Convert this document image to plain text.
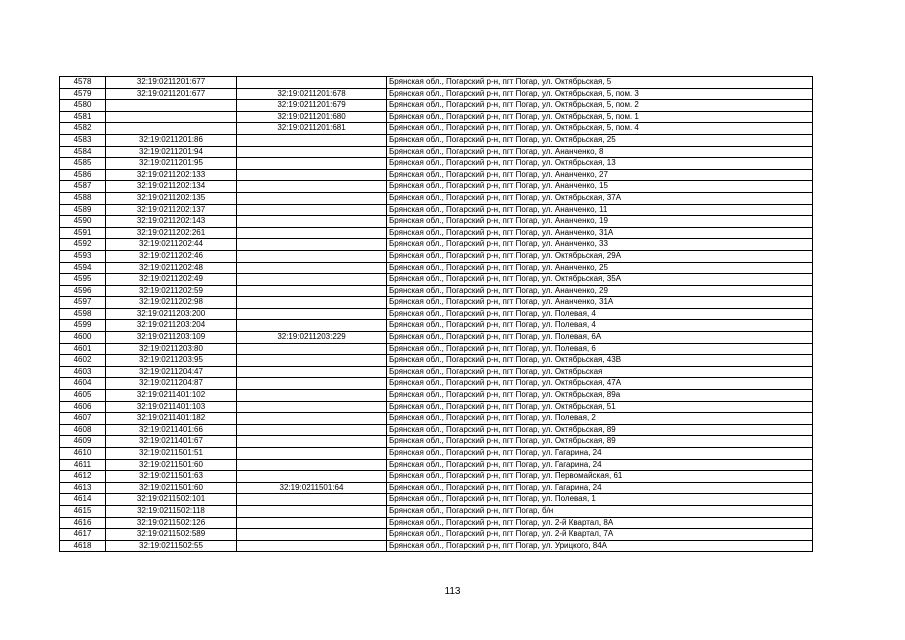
4578	32:19:0211201:677		Брянская обл., Погарский р-н, пгт Погар, ул. Октябрьская, 5
4579	32:19:0211201:677	32:19:0211201:678	Брянская обл., Погарский р-н, пгт Погар, ул. Октябрьская, 5, пом. 3
4580		32:19:0211201:679	Брянская обл., Погарский р-н, пгт Погар, ул. Октябрьская, 5, пом. 2
4581		32:19:0211201:680	Брянская обл., Погарский р-н, пгт Погар, ул. Октябрьская, 5, пом. 1
4582		32:19:0211201:681	Брянская обл., Погарский р-н, пгт Погар, ул. Октябрьская, 5, пом. 4
4583	32:19:0211201:86		Брянская обл., Погарский р-н, пгт Погар, ул. Октябрьская, 25
4584	32:19:0211201:94		Брянская обл., Погарский р-н, пгт Погар, ул. Ананченко, 8
4585	32:19:0211201:95		Брянская обл., Погарский р-н, пгт Погар, ул. Октябрьская, 13
4586	32:19:0211202:133		Брянская обл., Погарский р-н, пгт Погар, ул. Ананченко, 27
4587	32:19:0211202:134		Брянская обл., Погарский р-н, пгт Погар, ул. Ананченко, 15
4588	32:19:0211202:135		Брянская обл., Погарский р-н, пгт Погар, ул. Октябрьская, 37А
4589	32:19:0211202:137		Брянская обл., Погарский р-н, пгт Погар, ул. Ананченко, 11
4590	32:19:0211202:143		Брянская обл., Погарский р-н, пгт Погар, ул. Ананченко, 19
4591	32:19:0211202:261		Брянская обл., Погарский р-н, пгт Погар, ул. Ананченко, 31А
4592	32:19:0211202:44		Брянская обл., Погарский р-н, пгт Погар, ул. Ананченко, 33
4593	32:19:0211202:46		Брянская обл., Погарский р-н, пгт Погар, ул. Октябрьская, 29А
4594	32:19:0211202:48		Брянская обл., Погарский р-н, пгт Погар, ул. Ананченко, 25
4595	32:19:0211202:49		Брянская обл., Погарский р-н, пгт Погар, ул. Октябрьская, 35А
4596	32:19:0211202:59		Брянская обл., Погарский р-н, пгт Погар, ул. Ананченко, 29
4597	32:19:0211202:98		Брянская обл., Погарский р-н, пгт Погар, ул. Ананченко, 31А
4598	32:19:0211203:200		Брянская обл., Погарский р-н, пгт Погар, ул. Полевая, 4
4599	32:19:0211203:204		Брянская обл., Погарский р-н, пгт Погар, ул. Полевая, 4
4600	32:19:0211203:109	32:19:0211203:229	Брянская обл., Погарский р-н, пгт Погар, ул. Полевая, 6А
4601	32:19:0211203:80		Брянская обл., Погарский р-н, пгт Погар, ул. Полевая, 6
4602	32:19:0211203:95		Брянская обл., Погарский р-н, пгт Погар, ул. Октябрьская, 43В
4603	32:19:0211204:47		Брянская обл., Погарский р-н, пгт Погар, ул. Октябрьская
4604	32:19:0211204:87		Брянская обл., Погарский р-н, пгт Погар, ул. Октябрьская, 47А
4605	32:19:0211401:102		Брянская обл., Погарский р-н, пгт Погар, ул. Октябрьская, 89а
4606	32:19:0211401:103		Брянская обл., Погарский р-н, пгт Погар, ул. Октябрьская, 51
4607	32:19:0211401:182		Брянская обл., Погарский р-н, пгт Погар, ул. Полевая, 2
4608	32:19:0211401:66		Брянская обл., Погарский р-н, пгт Погар, ул. Октябрьская, 89
4609	32:19:0211401:67		Брянская обл., Погарский р-н, пгт Погар, ул. Октябрьская, 89
4610	32:19:0211501:51		Брянская обл., Погарский р-н, пгт Погар, ул. Гагарина, 24
4611	32:19:0211501:60		Брянская обл., Погарский р-н, пгт Погар, ул. Гагарина, 24
4612	32:19:0211501:63		Брянская обл., Погарский р-н, пгт Погар, ул. Первомайская, 61
4613	32:19:0211501:60	32:19:0211501:64	Брянская обл., Погарский р-н, пгт Погар, ул. Гагарина, 24
4614	32:19:0211502:101		Брянская обл., Погарский р-н, пгт Погар, ул. Полевая, 1
4615	32:19:0211502:118		Брянская обл., Погарский р-н, пгт Погар, б/н
4616	32:19:0211502:126		Брянская обл., Погарский р-н, пгт Погар, ул. 2-й Квартал, 8А
4617	32:19:0211502:589		Брянская обл., Погарский р-н, пгт Погар, ул. 2-й Квартал, 7А
4618	32:19:0211502:55		Брянская обл., Погарский р-н, пгт Погар, ул. Урицкого, 84А
113
